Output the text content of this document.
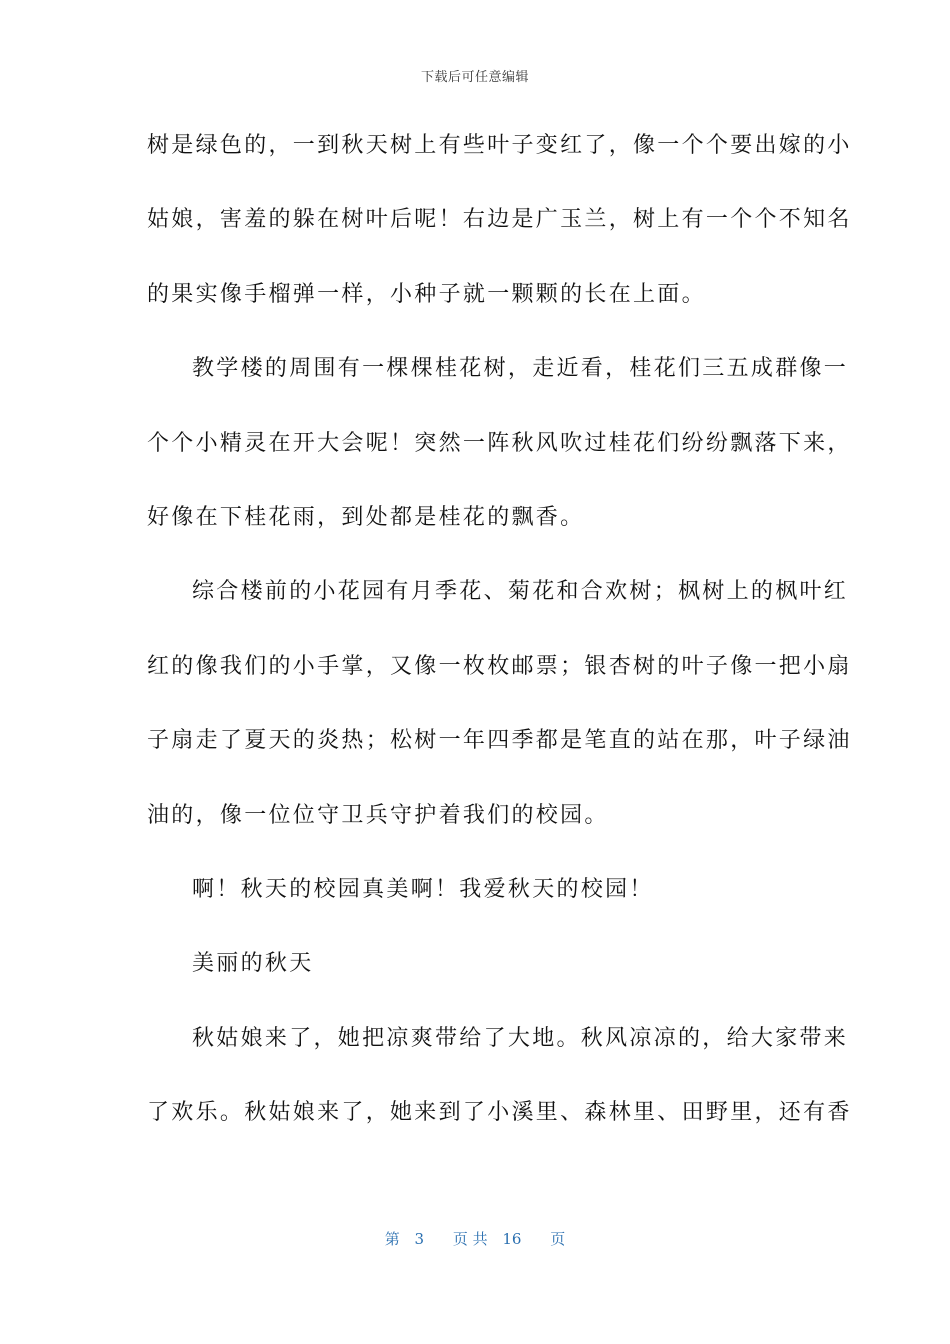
下载后可任意编辑
树是绿色的，一到秋天树上有些叶子变红了，像一个个要出嫁的小
姑娘，害羞的躲在树叶后呢！右边是广玉兰，树上有一个个不知名
的果实像手榴弹一样，小种子就一颗颗的长在上面。
教学楼的周围有一棵棵桂花树，走近看，桂花们三五成群像一
个个小精灵在开大会呢！突然一阵秋风吹过桂花们纷纷飘落下来，
好像在下桂花雨，到处都是桂花的飘香。
综合楼前的小花园有月季花、菊花和合欢树；枫树上的枫叶红
红的像我们的小手掌，又像一枚枚邮票；银杏树的叶子像一把小扇
子扇走了夏天的炎热；松树一年四季都是笔直的站在那，叶子绿油
油的，像一位位守卫兵守护着我们的校园。
啊！秋天的校园真美啊！我爱秋天的校园！
美丽的秋天
秋姑娘来了，她把凉爽带给了大地。秋风凉凉的，给大家带来
了欢乐。秋姑娘来了，她来到了小溪里、森林里、田野里，还有香
第 3 页 共 16 页
